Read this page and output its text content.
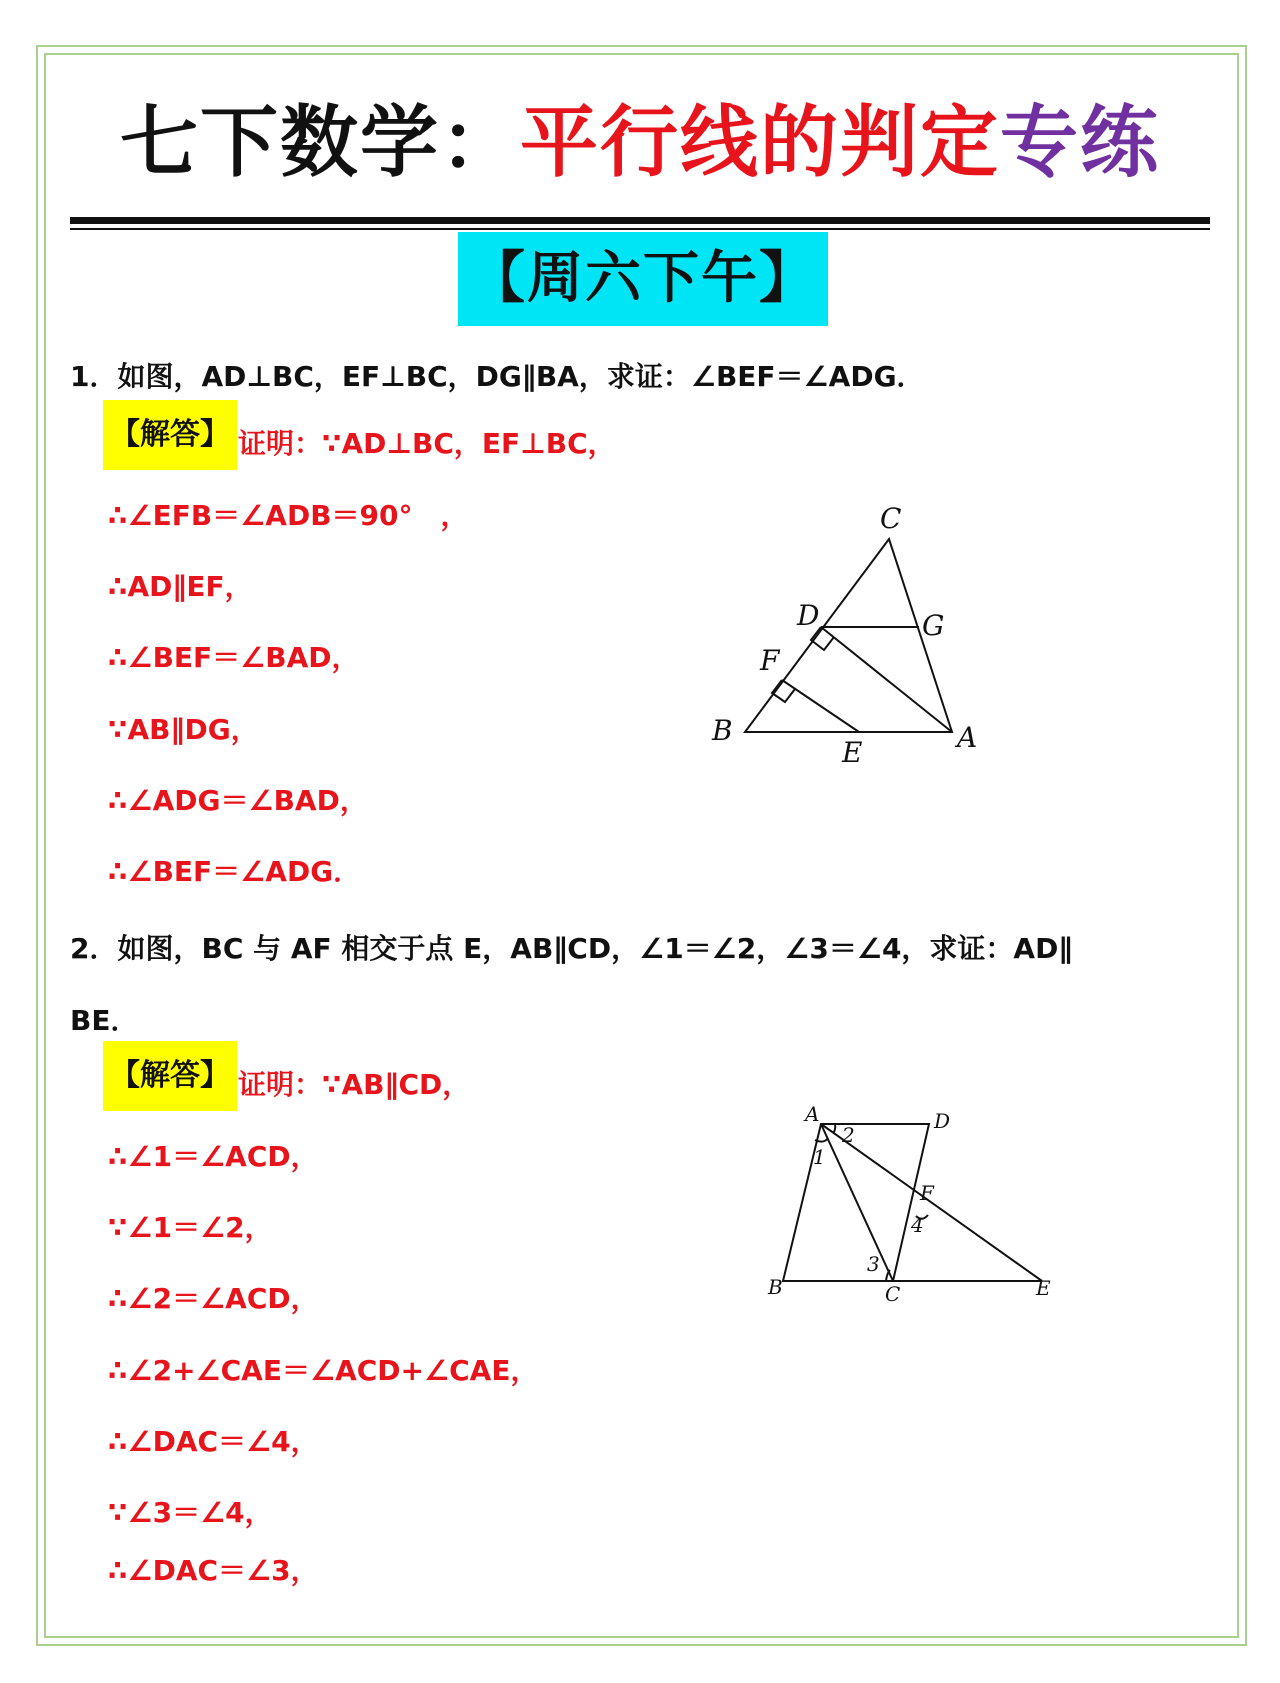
七下数学：平行线的判定专练
【周六下午】
1．如图，AD⊥BC，EF⊥BC，DG∥BA，求证：∠BEF＝∠ADG．
【解答】 证明：∵AD⊥BC，EF⊥BC，
∴∠EFB＝∠ADB＝90°　，
∴AD∥EF，
∴∠BEF＝∠BAD，
∵AB∥DG，
∴∠ADG＝∠BAD，
∴∠BEF＝∠ADG．
C
D	G
F
B
E	A
2．如图，BC 与 AF 相交于点 E，AB∥CD，∠1＝∠2，∠3＝∠4，求证：AD∥
BE．
【解答】 证明：∵AB∥CD，
∴∠1＝∠ACD，
∵∠1＝∠2，
∴∠2＝∠ACD，
∴∠2+∠CAE＝∠ACD+∠CAE，
∴∠DAC＝∠4，
∵∠3＝∠4，
∴∠DAC＝∠3，
A	D
2
1
F
4
3
B	C	E
